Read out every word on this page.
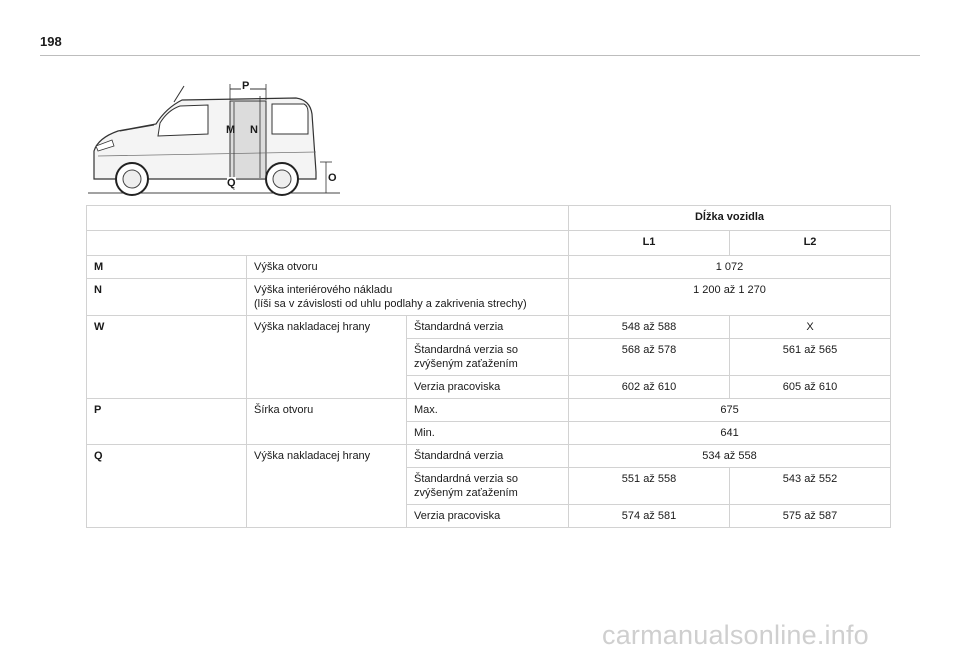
198
P
M N
Q	O
			Dĺžka vozidla	
			L1	L2
M	Výška otvoru		1 072	
N	Výška interiérového nákladu
(líši sa v závislosti od uhlu podlahy a zakrivenia strechy)		1 200 až 1 270	
W	Výška nakladacej hrany	Štandardná verzia	548 až 588	X

		Štandardná verzia so
zvýšeným zaťažením	568 až 578	561 až 565
		Verzia pracoviska	602 až 610	605 až 610
P	Šírka otvoru	Max.	675	
		Min.	641	
Q	Výška nakladacej hrany	Štandardná verzia	534 až 558	

		Štandardná verzia so
zvýšeným zaťažením	551 až 558	543 až 552
		Verzia pracoviska	574 až 581	575 až 587
carmanualsonline.info
